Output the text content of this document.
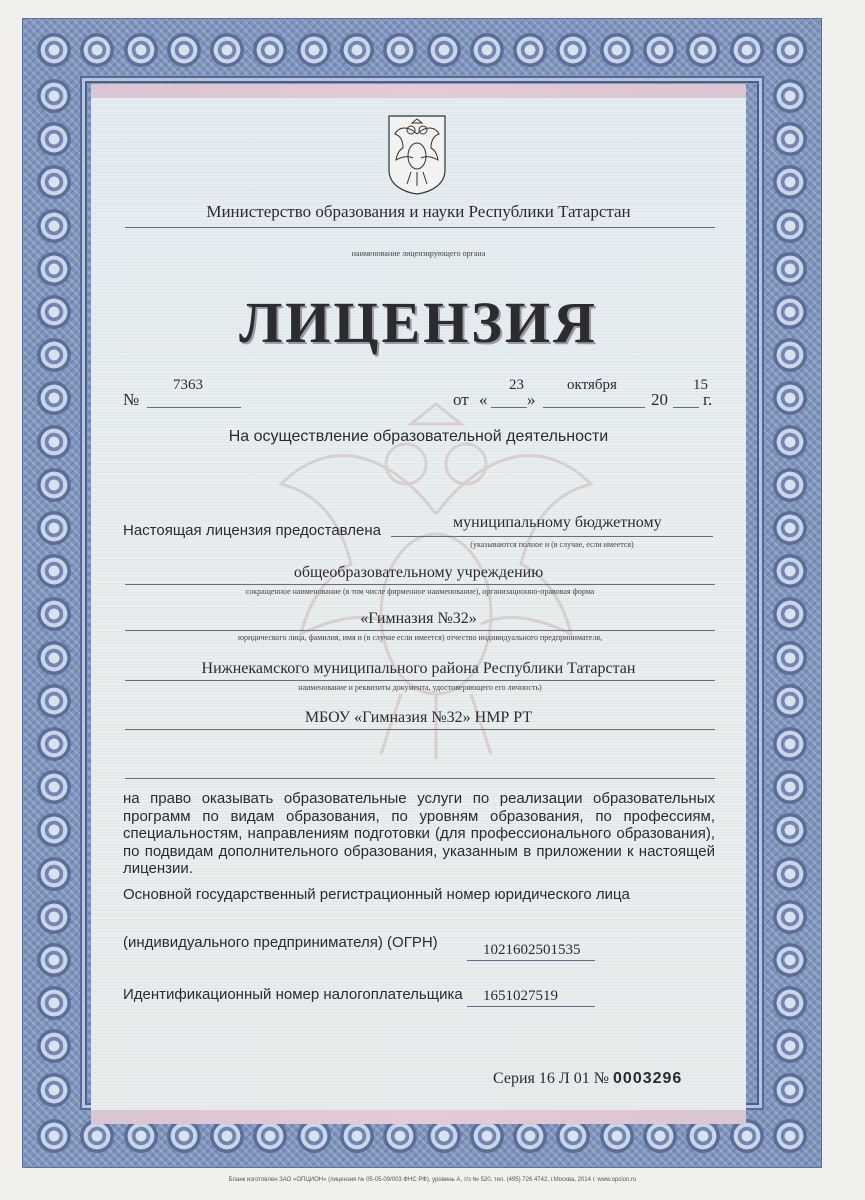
Министерство образования и науки Республики Татарстан
наименование лицензирующего органа
ЛИЦЕНЗИЯ
№
7363
от «
23
»
октября
20
15
г.
На осуществление образовательной деятельности
Настоящая лицензия предоставлена	муниципальному бюджетному
(указываются полное и (в случае, если имеется)
общеобразовательному учреждению
сокращенное наименование (в том числе фирменное наименование), организационно-правовая форма
«Гимназия №32»
юридического лица, фамилия, имя и (в случае если имеется) отчество индивидуального предпринимателя,
Нижнекамского муниципального района Республики Татарстан
наименование и реквизиты документа, удостоверяющего его личность)
МБОУ «Гимназия №32» НМР РТ
на право оказывать образовательные услуги по реализации образовательных программ по видам образования, по уровням образования, по профессиям, специальностям, направлениям подготовки (для профессионального образования), по подвидам дополнительного образования, указанным в приложении к настоящей лицензии.
Основной государственный регистрационный номер юридического лица
(индивидуального предпринимателя) (ОГРН)	1021602501535
Идентификационный номер налогоплательщика 1651027519
Серия 16 Л 01 № 0003296
Бланк изготовлен ЗАО «ОПЦИОН» (лицензия № 05-05-09/003 ФНС РФ), уровень А, т/з № 520, тел. (495) 726 4742, г.Москва, 2014 г. www.opcion.ru
